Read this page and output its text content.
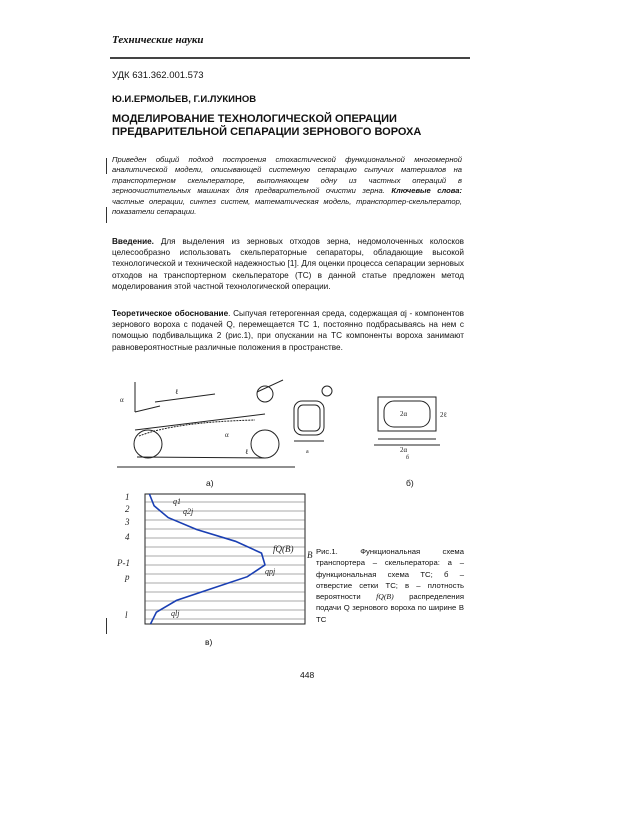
Технические науки
УДК 631.362.001.573
Ю.И.ЕРМОЛЬЕВ, Г.И.ЛУКИНОВ
МОДЕЛИРОВАНИЕ ТЕХНОЛОГИЧЕСКОЙ ОПЕРАЦИИ ПРЕДВАРИТЕЛЬНОЙ СЕПАРАЦИИ ЗЕРНОВОГО ВОРОХА
Приведен общий подход построения стохастической функциональной многомерной аналитической модели, описывающей системную сепарацию сыпучих материалов на транспортерном скельператоре, выполняющем одну из частных операций в зерноочистительных машинах для предварительной очистки зерна. Ключевые слова: частные операции, синтез систем, математическая модель, транспортер-скельператор, показатели сепарации.
Введение. Для выделения из зерновых отходов зерна, недомолоченных колосков целесообразно использовать скельператорные сепараторы, обладающие высокой технологической и технической надежностью [1]. Для оценки процесса сепарации зерновых отходов на транспортерном скельператоре (ТС) в данной статье предложен метод моделирования этой частной технологической операции.
Теоретическое обоснование. Сыпучая гетерогенная среда, содержащая αj - компонентов зернового вороха с подачей Q, перемещается ТС 1, постоянно подбрасываясь на нем с помощью подбивальщика 2 (рис.1), при опускании на ТС компоненты вороха занимают равновероятностные различные положения в пространстве.
α
ℓ
α
ℓ
а)
а
2α	2ℓ
2α
б
б)
1
2
3
4
P-1
p
l
q1
q2j
qpj
qlj
fQ(B)
B
в)
Рис.1. Функциональная схема транспортера – скельператора: а – функциональная схема ТС; б – отверстие сетки ТС; в – плотность вероятности fQ(B) распределения подачи Q зернового вороха по ширине В ТС
448
